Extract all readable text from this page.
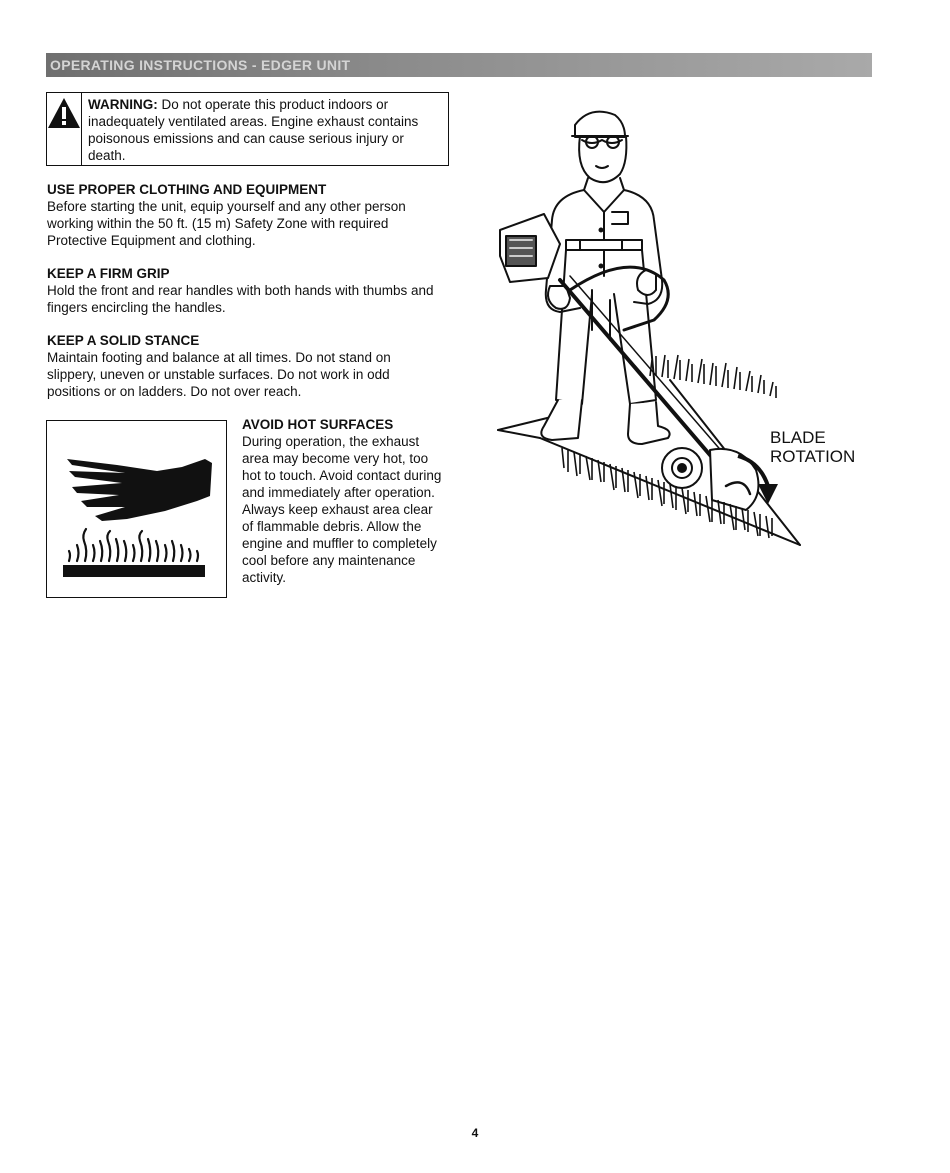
OPERATING INSTRUCTIONS - EDGER UNIT
WARNING: Do not operate this product indoors or inadequately ventilated areas. Engine exhaust contains poisonous emissions and can cause serious injury or death.
USE PROPER CLOTHING AND EQUIPMENT

Before starting the unit, equip yourself and any other person working within the 50 ft. (15 m) Safety Zone with required Protective Equipment and clothing.

KEEP A FIRM GRIP

Hold the front and rear handles with both hands with thumbs and fingers encircling the handles.

KEEP A SOLID STANCE

Maintain footing and balance at all times. Do not stand on slippery, uneven or unstable surfaces. Do not work in odd positions or on ladders. Do not over reach.

AVOID HOT SURFACES

During operation, the exhaust area may become very hot, too hot to touch. Avoid contact during and immediately after operation. Always keep exhaust area clear of flammable debris. Allow the engine and muffler to completely cool before any maintenance activity.

BLADE
ROTATION
4
